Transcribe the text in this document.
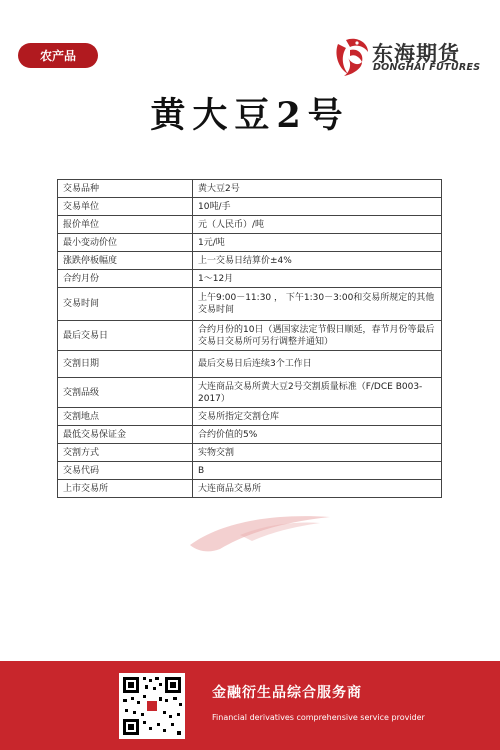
农产品	东海期货
DONGHAI FUTURES
黄大豆2号
交易品种	黄大豆2号
交易单位	10吨/手
报价单位	元（人民币）/吨
最小变动价位	1元/吨
涨跌停板幅度	上一交易日结算价±4%
合约月份	1～12月
交易时间	上午9:00－11:30 ， 下午1:30－3:00和交易所规定的其他交易时间
最后交易日	合约月份的10日（遇国家法定节假日顺延，春节月份等最后交易日交易所可另行调整并通知）
交割日期	最后交易日后连续3个工作日
交割品级	大连商品交易所黄大豆2号交割质量标准（F/DCE B003-2017）
交割地点	交易所指定交割仓库
最低交易保证金	合约价值的5%
交割方式	实物交割
交易代码	B
上市交易所	大连商品交易所
金融衍生品综合服务商
Financial derivatives comprehensive service provider
